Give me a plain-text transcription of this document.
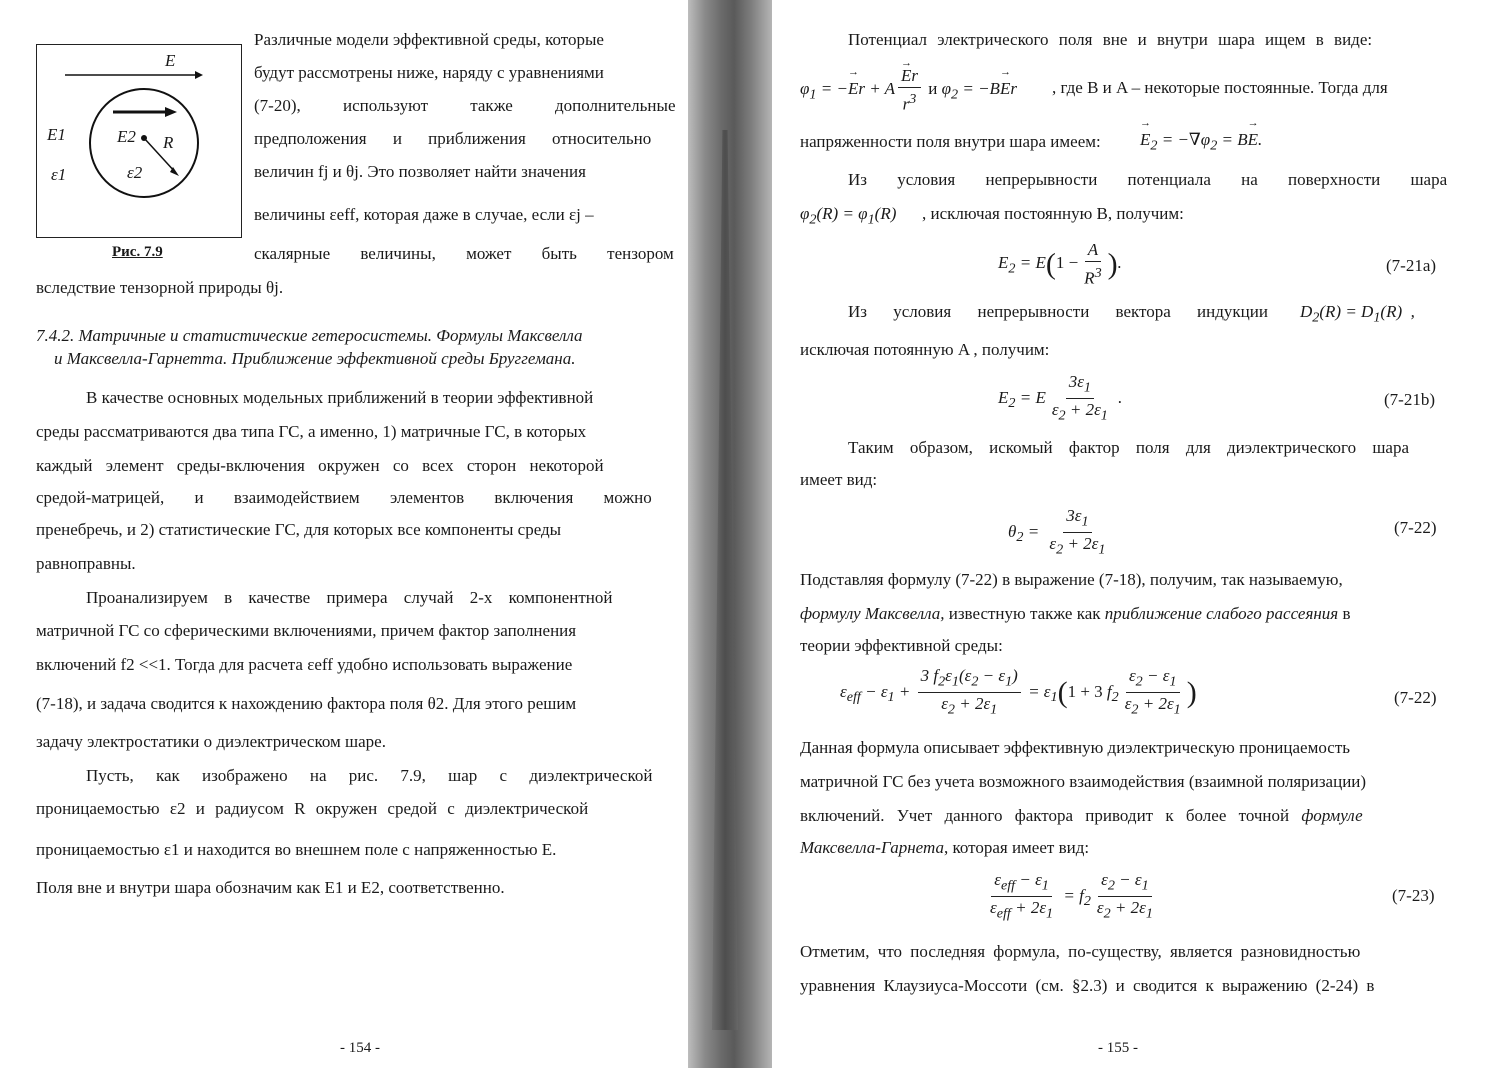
E
E1	E2 R
ε1	ε2
Рис. 7.9
Различные модели эффективной среды, которые
будут рассмотрены ниже, наряду с уравнениями
(7-20), используют также дополнительные
предположения и приближения относительно
величин fj и θj. Это позволяет найти значения
величины εeff, которая даже в случае, если εj –
скалярные величины, может быть тензором
вследствие тензорной природы θj.
7.4.2. Матричные и статистические гетеросистемы. Формулы Максвелла
и Максвелла-Гарнетта. Приближение эффективной среды Бруггемана.
В качестве основных модельных приближений в теории эффективной
среды рассматриваются два типа ГС, а именно, 1) матричные ГС, в которых
каждый элемент среды-включения окружен со всех сторон некоторой
средой-матрицей, и взаимодействием элементов включения можно
пренебречь, и 2) статистические ГС, для которых все компоненты среды
равноправны.
Проанализируем в качестве примера случай 2-х компонентной
матричной ГС со сферическими включениями, причем фактор заполнения
включений f2 <<1. Тогда для расчета εeff удобно использовать выражение
(7-18), и задача сводится к нахождению фактора поля θ2. Для этого решим
задачу электростатики о диэлектрическом шаре.
Пусть, как изображено на рис. 7.9, шар с диэлектрической
проницаемостью ε2 и радиусом R окружен средой с диэлектрической
проницаемостью ε1 и находится во внешнем поле с напряженностью E.
Поля вне и внутри шара обозначим как E1 и E2, соответственно.
- 154 -
Потенциал электрического поля вне и внутри шара ищем в виде:
$\varphi_1$ = −→ Er + A
→ $\frac{Er}{r^3}$ и $\varphi_2 = -B\to Er$ , где B и A – некоторые постоянные. Тогда для
напряженности поля внутри шара имеем:
→ $E_2 = -\nabla\varphi_2 = B\to E$.
Из условия непрерывности потенциала на поверхности шара
$\varphi_2(R) = \varphi_1(R)$ , исключая постоянную B, получим:
$E_2 = E(1 - \frac{A}{R^3}$ ).	(7-21a)
Из условия непрерывности вектора индукции $D_2(R) = D_1(R)$  ,
исключая потоянную A , получим:
$E_2 = E \frac{3\varepsilon_1}{\varepsilon_2 + 2\varepsilon_1}$ .	(7-21b)
Таким образом, искомый фактор поля для диэлектрического шара
имеет вид:
$\theta_2 = \frac{3\varepsilon_1}{\varepsilon_2 + 2\varepsilon_1}$	(7-22)
Подставляя формулу (7-22) в выражение (7-18), получим, так называемую,
формулу Максвелла, известную также как приближение слабого рассеяния в
теории эффективной среды:
$\varepsilon_{eff} - \varepsilon_1 + \frac{3 f_2\varepsilon_1(\varepsilon_2 - \varepsilon_1)}{\varepsilon_2 + 2\varepsilon_1} = \varepsilon_1(1 + 3$ $f_2 \frac{\varepsilon_2 - \varepsilon_1}{\varepsilon_2 + 2\varepsilon_1}$ )	(7-22)
Данная формула описывает эффективную диэлектрическую проницаемость
матричной ГС без учета возможного взаимодействия (взаимной поляризации)
включений. Учет данного фактора приводит к более точной формуле
Максвелла-Гарнета, которая имеет вид:
$\frac{\varepsilon_{eff} - \varepsilon_1}{\varepsilon_{eff} + 2\varepsilon_1} = f_2 \frac{\varepsilon_2 - \varepsilon_1}{\varepsilon_2 + 2\varepsilon_1}$	(7-23)
Отметим, что последняя формула, по-существу, является разновидностью
уравнения Клаузиуса-Моссоти (см. §2.3) и сводится к выражению (2-24) в
- 155 -
